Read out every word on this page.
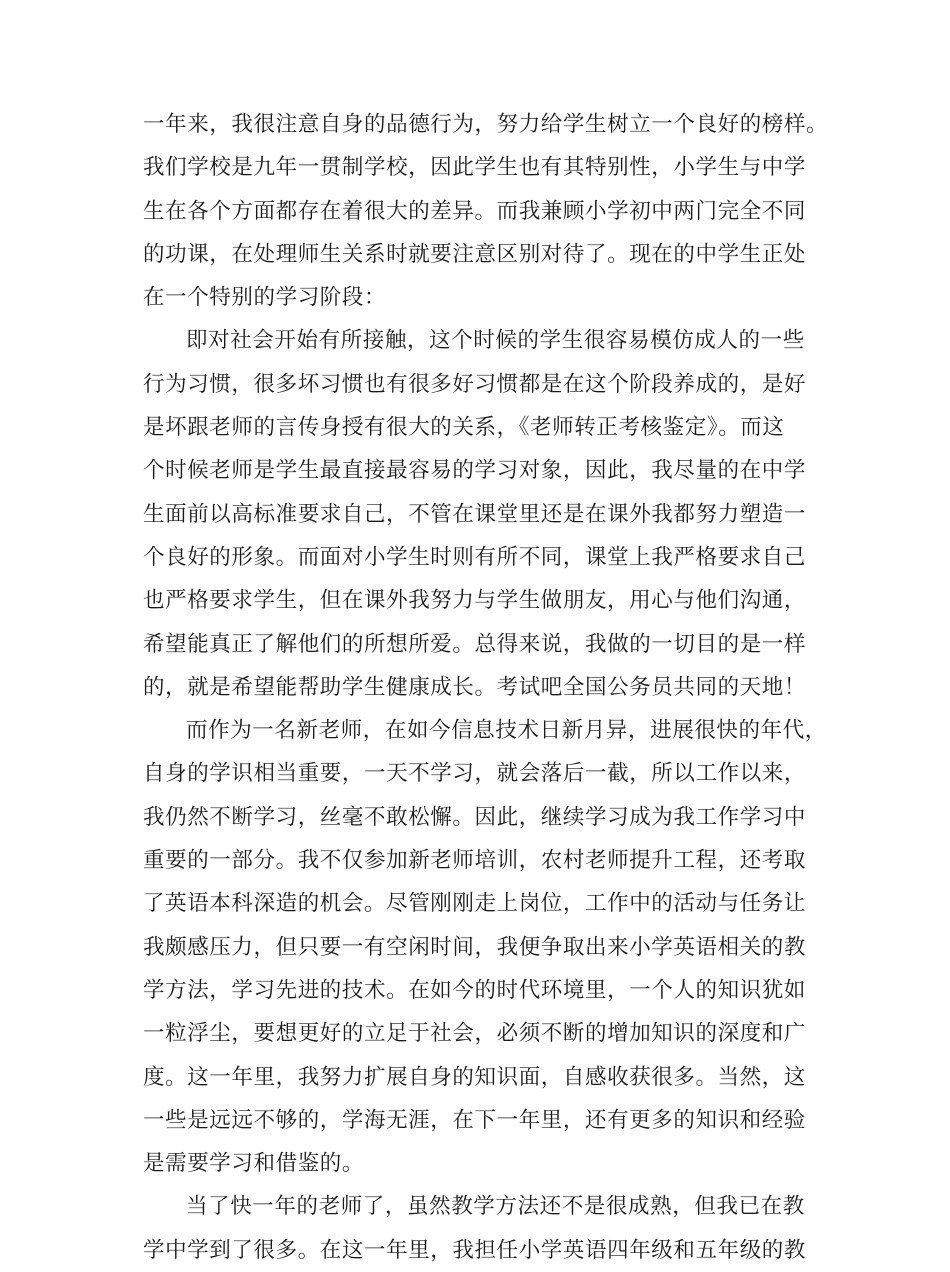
一年来，我很注意自身的品德行为，努力给学生树立一个良好的榜样。
我们学校是九年一贯制学校，因此学生也有其特别性，小学生与中学
生在各个方面都存在着很大的差异。而我兼顾小学初中两门完全不同
的功课，在处理师生关系时就要注意区别对待了。现在的中学生正处
在一个特别的学习阶段：
即对社会开始有所接触，这个时候的学生很容易模仿成人的一些
行为习惯，很多坏习惯也有很多好习惯都是在这个阶段养成的，是好
是坏跟老师的言传身授有很大的关系，《老师转正考核鉴定》。而这
个时候老师是学生最直接最容易的学习对象，因此，我尽量的在中学
生面前以高标准要求自己，不管在课堂里还是在课外我都努力塑造一
个良好的形象。而面对小学生时则有所不同，课堂上我严格要求自己
也严格要求学生，但在课外我努力与学生做朋友，用心与他们沟通，
希望能真正了解他们的所想所爱。总得来说，我做的一切目的是一样
的，就是希望能帮助学生健康成长。考试吧全国公务员共同的天地！
而作为一名新老师，在如今信息技术日新月异，进展很快的年代，
自身的学识相当重要，一天不学习，就会落后一截，所以工作以来，
我仍然不断学习，丝毫不敢松懈。因此，继续学习成为我工作学习中
重要的一部分。我不仅参加新老师培训，农村老师提升工程，还考取
了英语本科深造的机会。尽管刚刚走上岗位，工作中的活动与任务让
我颇感压力，但只要一有空闲时间，我便争取出来小学英语相关的教
学方法，学习先进的技术。在如今的时代环境里，一个人的知识犹如
一粒浮尘，要想更好的立足于社会，必须不断的增加知识的深度和广
度。这一年里，我努力扩展自身的知识面，自感收获很多。当然，这
一些是远远不够的，学海无涯，在下一年里，还有更多的知识和经验
是需要学习和借鉴的。
当了快一年的老师了，虽然教学方法还不是很成熟，但我已在教
学中学到了很多。在这一年里，我担任小学英语四年级和五年级的教
